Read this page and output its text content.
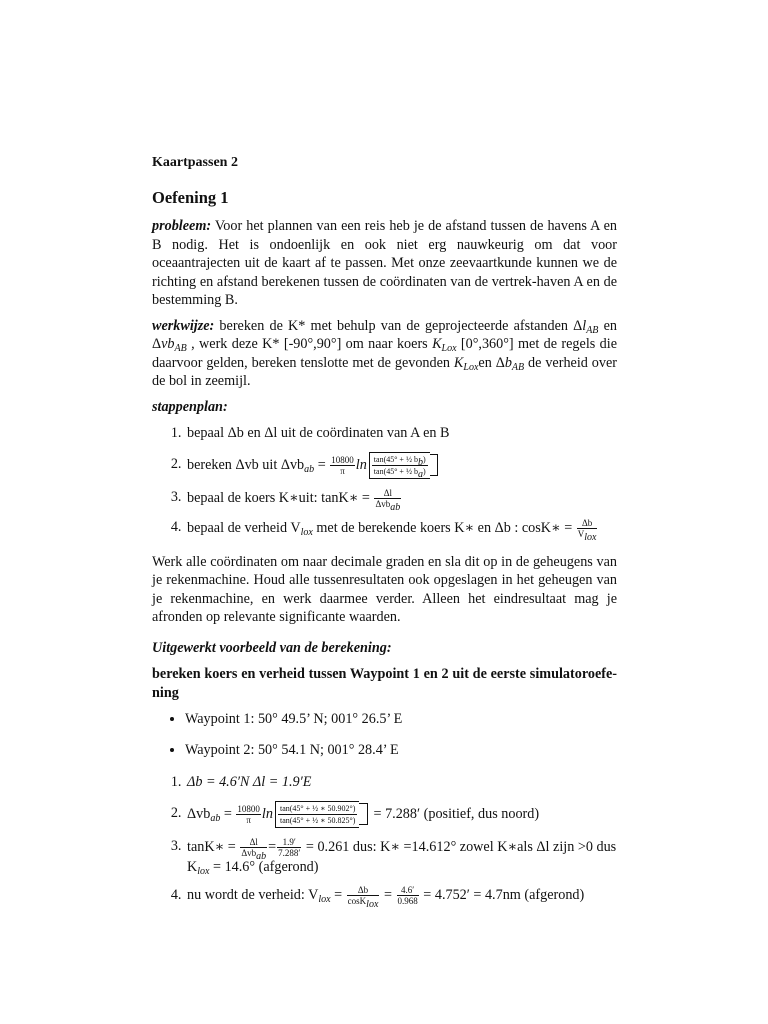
Kaartpassen 2
Oefening 1

probleem: Voor het plannen van een reis heb je de afstand tussen de havens A en B nodig. Het is ondoenlijk en ook niet erg nauwkeurig om dat voor oceaantrajecten uit de kaart af te passen. Met onze zeevaartkunde kunnen we de richting en afstand berekenen tussen de coördinaten van de vertrek-haven A en de bestemming B.

werkwijze: bereken de K* met behulp van de geprojecteerde afstanden $\Delta l_{AB}$ en Δvb$_{AB}$ , werk deze K* [-90°,90°] om naar koers $K_{Lox}$ [0°,360°] met de regels die daarvoor gelden, bereken tenslotte met de gevonden $K_{Lox}en$ $\Delta b_{AB}$ de verheid over de bol in zeemijl.

stappenplan:
1. bepaal Δb en Δl uit de coördinaten van A en B
2. bereken Δvb uit $\Delta vb_{ab} = \frac{10800}{\pi}$ $\ln \frac{\tan(45^\circ + \frac{1}{2} b_b)}{\tan(45^\circ + \frac{1}{2} b_a)}$

3. bepaal de koers K∗uit: tanK∗ = $\frac{\Delta l}{\Delta vb_{ab}}$
4. bepaal de verheid $V_{lox}$ met de berekende koers K∗ en Δb : cosK∗ = $\frac{\Delta b}{V_{lox}}$

Werk alle coördinaten om naar decimale graden en sla dit op in de geheugens van je rekenmachine. Houd alle tussenresultaten ook opgeslagen in het geheugen van je rekenmachine, en werk daarmee verder. Alleen het eindresultaat mag je afronden op relevante significante waarden.

Uitgewerkt voorbeeld van de berekening:
bereken koers en verheid tussen Waypoint 1 en 2 uit de eerste simulatoroefe-ning
• Waypoint 1: 50° 49.5’ N; 001° 26.5’ E
• Waypoint 2: 50° 54.1 N; 001° 28.4’ E
1. Δb = 4.6′N Δl = 1.9′E
2. $\Delta vb_{ab} = \frac{10800}{\pi}$ $\ln \frac{\text{tan(45° + ½ ∗ 50.902°)}}{\text{tan(45° + ½ ∗ 50.825°)}} = 7.288'$ (positief, dus noord)
3. tanK∗ = $\frac{\Delta l}{\Delta vb_{ab}} = \frac{1.9'}{7.288'} = 0.261$ dus: K∗ =14.612° zowel K∗als Δl zijn >0 dus $K_{lox} = 14.6^\circ$ (afgerond)
4. nu wordt de verheid: $V_{lox} = \frac{\Delta b}{\cos K_{lox}} = \frac{4.6'}{0.968} = 4.752' = 4.7nm$ (afgerond)
